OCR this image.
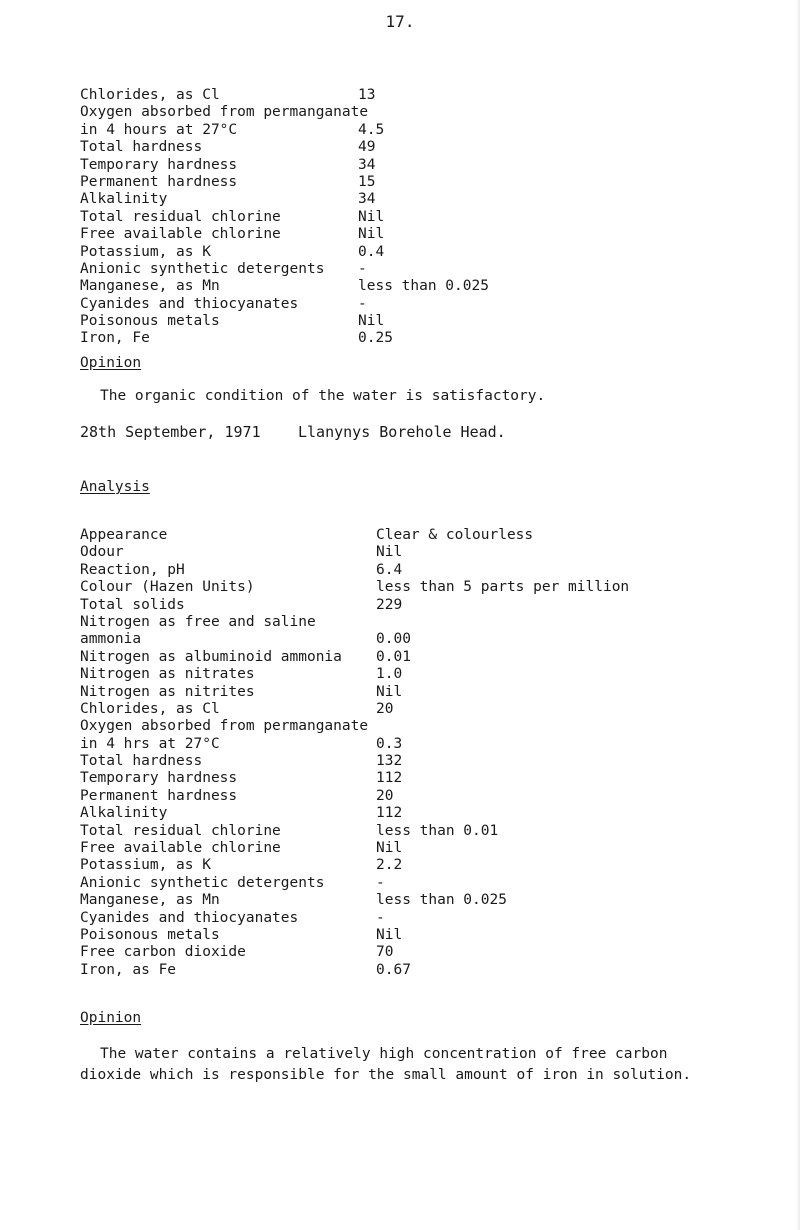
17.
Chlorides, as Cl	13
Oxygen absorbed from permanganate
in 4 hours at 27°C	4.5
Total hardness	49
Temporary hardness	34
Permanent hardness	15
Alkalinity	34
Total residual chlorine	Nil
Free available chlorine	Nil
Potassium, as K	0.4
Anionic synthetic detergents -
Manganese, as Mn	less than 0.025
Cyanides and thiocyanates	-
Poisonous metals	Nil
Iron, Fe	0.25
Opinion
The organic condition of the water is satisfactory.
28th September, 1971 Llanynys Borehole Head.
Analysis
Appearance	Clear & colourless
Odour	Nil
Reaction, pH	6.4
Colour (Hazen Units)	less than 5 parts per million
Total solids	229
Nitrogen as free and saline
ammonia	0.00
Nitrogen as albuminoid ammonia 0.01
Nitrogen as nitrates	1.0
Nitrogen as nitrites	Nil
Chlorides, as Cl	20
Oxygen absorbed from permanganate
in 4 hrs at 27°C	0.3
Total hardness	132
Temporary hardness	112
Permanent hardness	20
Alkalinity	112
Total residual chlorine	less than 0.01
Free available chlorine	Nil
Potassium, as K	2.2
Anionic synthetic detergents	-
Manganese, as Mn	less than 0.025
Cyanides and thiocyanates	-
Poisonous metals	Nil
Free carbon dioxide	70
Iron, as Fe	0.67
Opinion
The water contains a relatively high concentration of free carbon
dioxide which is responsible for the small amount of iron in solution.
